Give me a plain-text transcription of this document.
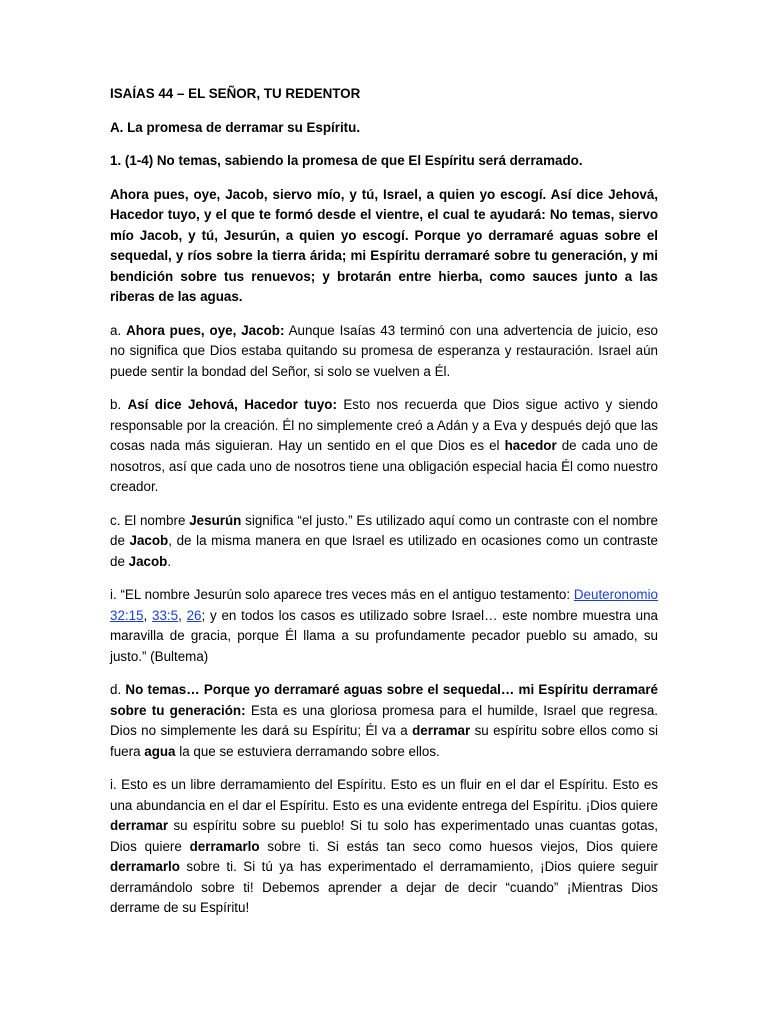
ISAÍAS 44 – EL SEÑOR, TU REDENTOR

A. La promesa de derramar su Espíritu.

1. (1-4) No temas, sabiendo la promesa de que El Espíritu será derramado.

Ahora pues, oye, Jacob, siervo mío, y tú, Israel, a quien yo escogí. Así dice Jehová, Hacedor tuyo, y el que te formó desde el vientre, el cual te ayudará: No temas, siervo mío Jacob, y tú, Jesurún, a quien yo escogí. Porque yo derramaré aguas sobre el sequedal, y ríos sobre la tierra árida; mi Espíritu derramaré sobre tu generación, y mi bendición sobre tus renuevos; y brotarán entre hierba, como sauces junto a las riberas de las aguas.

a. Ahora pues, oye, Jacob: Aunque Isaías 43 terminó con una advertencia de juicio, eso no significa que Dios estaba quitando su promesa de esperanza y restauración. Israel aún puede sentir la bondad del Señor, si solo se vuelven a Él.

b. Así dice Jehová, Hacedor tuyo: Esto nos recuerda que Dios sigue activo y siendo responsable por la creación. Él no simplemente creó a Adán y a Eva y después dejó que las cosas nada más siguieran. Hay un sentido en el que Dios es el hacedor de cada uno de nosotros, así que cada uno de nosotros tiene una obligación especial hacia Él como nuestro creador.

c. El nombre Jesurún significa “el justo.” Es utilizado aquí como un contraste con el nombre de Jacob, de la misma manera en que Israel es utilizado en ocasiones como un contraste de Jacob.

i. “EL nombre Jesurún solo aparece tres veces más en el antiguo testamento: Deuteronomio 32:15, 33:5, 26; y en todos los casos es utilizado sobre Israel… este nombre muestra una maravilla de gracia, porque Él llama a su profundamente pecador pueblo su amado, su justo.” (Bultema)

d. No temas… Porque yo derramaré aguas sobre el sequedal… mi Espíritu derramaré sobre tu generación: Esta es una gloriosa promesa para el humilde, Israel que regresa. Dios no simplemente les dará su Espíritu; Él va a derramar su espíritu sobre ellos como si fuera agua la que se estuviera derramando sobre ellos.

i. Esto es un libre derramamiento del Espíritu. Esto es un fluir en el dar el Espíritu. Esto es una abundancia en el dar el Espíritu. Esto es una evidente entrega del Espíritu. ¡Dios quiere derramar su espíritu sobre su pueblo! Si tu solo has experimentado unas cuantas gotas, Dios quiere derramarlo sobre ti. Si estás tan seco como huesos viejos, Dios quiere derramarlo sobre ti. Si tú ya has experimentado el derramamiento, ¡Dios quiere seguir derramándolo sobre ti! Debemos aprender a dejar de decir “cuando” ¡Mientras Dios derrame de su Espíritu!
